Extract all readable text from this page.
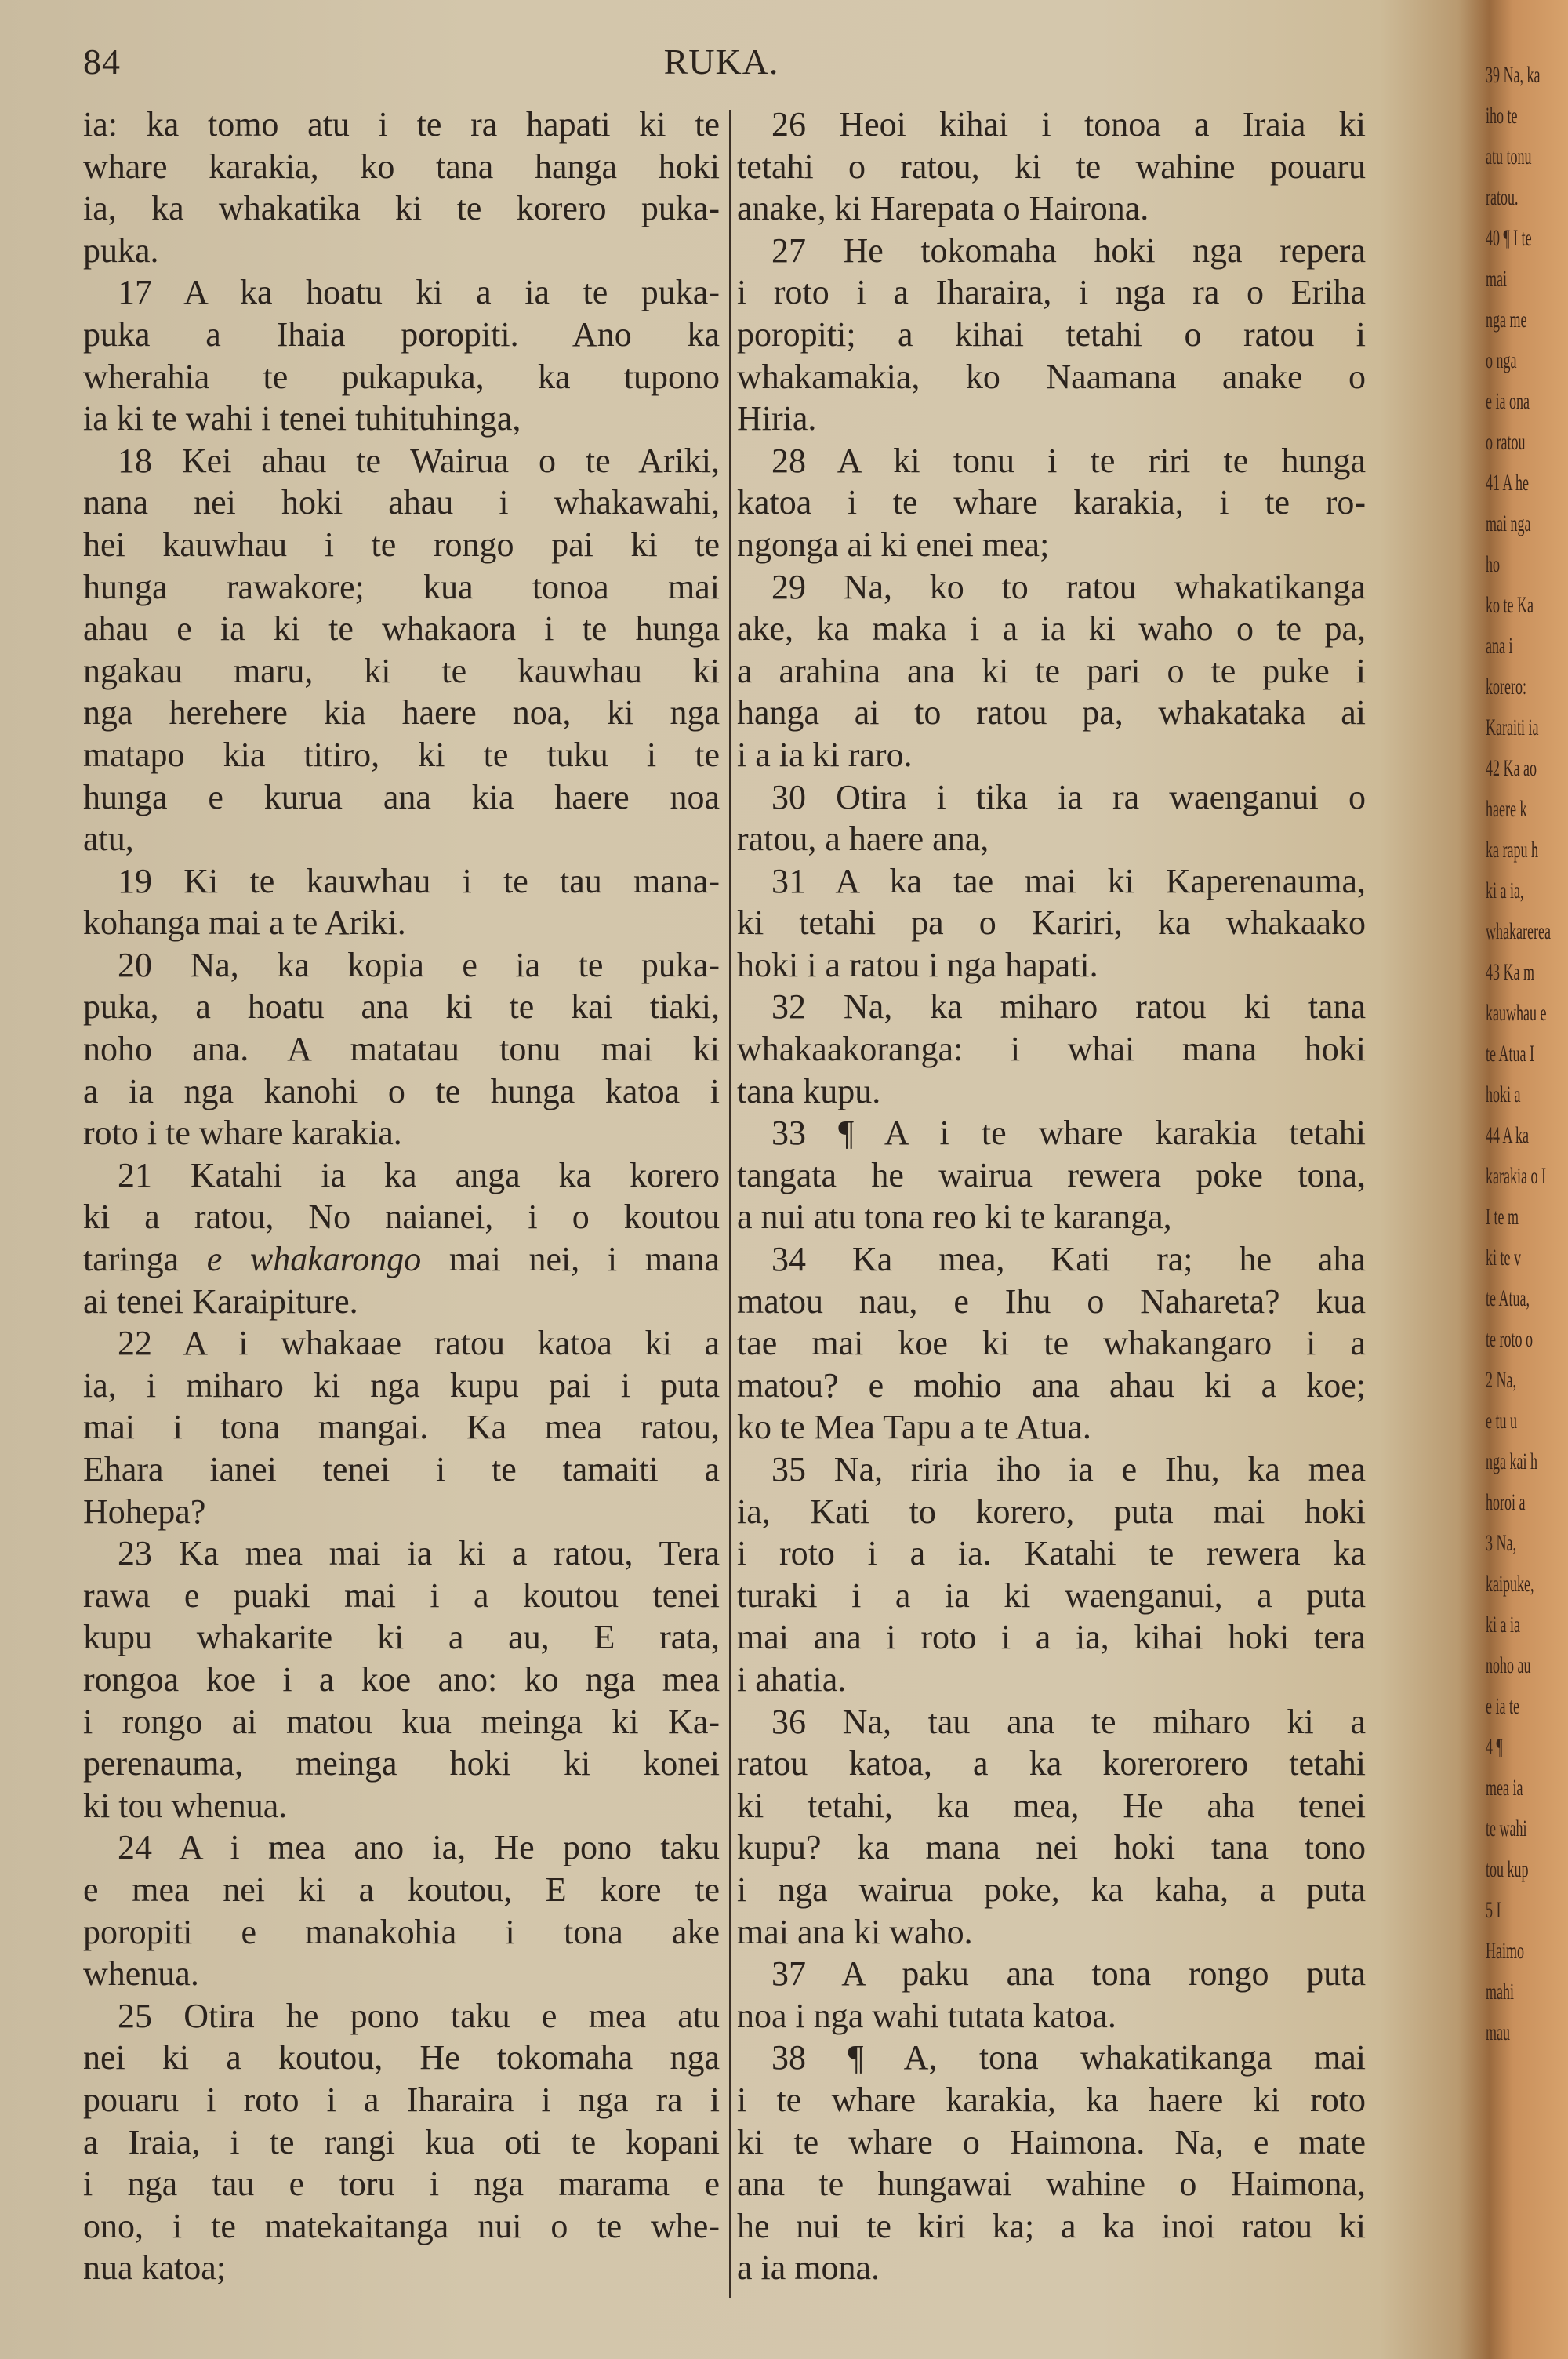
84	RUKA.
ia: ka tomo atu i te ra hapati ki te
whare karakia, ko tana hanga hoki
ia, ka whakatika ki te korero puka-
puka.
17 A ka hoatu ki a ia te puka-
puka a Ihaia poropiti. Ano ka
wherahia te pukapuka, ka tupono
ia ki te wahi i tenei tuhituhinga,
18 Kei ahau te Wairua o te Ariki,
nana nei hoki ahau i whakawahi,
hei kauwhau i te rongo pai ki te
hunga rawakore; kua tonoa mai
ahau e ia ki te whakaora i te hunga
ngakau maru, ki te kauwhau ki
nga herehere kia haere noa, ki nga
matapo kia titiro, ki te tuku i te
hunga e kurua ana kia haere noa
atu,
19 Ki te kauwhau i te tau mana-
kohanga mai a te Ariki.
20 Na, ka kopia e ia te puka-
puka, a hoatu ana ki te kai tiaki,
noho ana. A matatau tonu mai ki
a ia nga kanohi o te hunga katoa i
roto i te whare karakia.
21 Katahi ia ka anga ka korero
ki a ratou, No naianei, i o koutou
taringa e whakarongo mai nei, i mana
ai tenei Karaipiture.
22 A i whakaae ratou katoa ki a
ia, i miharo ki nga kupu pai i puta
mai i tona mangai. Ka mea ratou,
Ehara ianei tenei i te tamaiti a
Hohepa?
23 Ka mea mai ia ki a ratou, Tera
rawa e puaki mai i a koutou tenei
kupu whakarite ki a au, E rata,
rongoa koe i a koe ano: ko nga mea
i rongo ai matou kua meinga ki Ka-
perenauma, meinga hoki ki konei
ki tou whenua.
24 A i mea ano ia, He pono taku
e mea nei ki a koutou, E kore te
poropiti e manakohia i tona ake
whenua.
25 Otira he pono taku e mea atu
nei ki a koutou, He tokomaha nga
pouaru i roto i a Iharaira i nga ra i
a Iraia, i te rangi kua oti te kopani
i nga tau e toru i nga marama e
ono, i te matekaitanga nui o te whe-
nua katoa;
26 Heoi kihai i tonoa a Iraia ki
tetahi o ratou, ki te wahine pouaru
anake, ki Harepata o Hairona.
27 He tokomaha hoki nga repera
i roto i a Iharaira, i nga ra o Eriha
poropiti; a kihai tetahi o ratou i
whakamakia, ko Naamana anake o
Hiria.
28 A ki tonu i te riri te hunga
katoa i te whare karakia, i te ro-
ngonga ai ki enei mea;
29 Na, ko to ratou whakatikanga
ake, ka maka i a ia ki waho o te pa,
a arahina ana ki te pari o te puke i
hanga ai to ratou pa, whakataka ai
i a ia ki raro.
30 Otira i tika ia ra waenganui o
ratou, a haere ana,
31 A ka tae mai ki Kaperenauma,
ki tetahi pa o Kariri, ka whakaako
hoki i a ratou i nga hapati.
32 Na, ka miharo ratou ki tana
whakaakoranga: i whai mana hoki
tana kupu.
33 ¶ A i te whare karakia tetahi
tangata he wairua rewera poke tona,
a nui atu tona reo ki te karanga,
34 Ka mea, Kati ra; he aha
matou nau, e Ihu o Nahareta? kua
tae mai koe ki te whakangaro i a
matou? e mohio ana ahau ki a koe;
ko te Mea Tapu a te Atua.
35 Na, riria iho ia e Ihu, ka mea
ia, Kati to korero, puta mai hoki
i roto i a ia. Katahi te rewera ka
turaki i a ia ki waenganui, a puta
mai ana i roto i a ia, kihai hoki tera
i ahatia.
36 Na, tau ana te miharo ki a
ratou katoa, a ka korerorero tetahi
ki tetahi, ka mea, He aha tenei
kupu? ka mana nei hoki tana tono
i nga wairua poke, ka kaha, a puta
mai ana ki waho.
37 A paku ana tona rongo puta
noa i nga wahi tutata katoa.
38 ¶ A, tona whakatikanga mai
i te whare karakia, ka haere ki roto
ki te whare o Haimona. Na, e mate
ana te hungawai wahine o Haimona,
he nui te kiri ka; a ka inoi ratou ki
a ia mona.
39 Na, ka
iho te
atu tonu
ratou.
40 ¶ I te
mai
nga me
o nga
e ia ona
o ratou
41 A he
mai nga
ho
ko te Ka
ana i
korero:
Karaiti ia
42 Ka ao
haere k
ka rapu h
ki a ia,
whakarerea
43 Ka m
kauwhau e
te Atua I
hoki a
44 A ka
karakia o I
I te m
ki te v
te Atua,
te roto o
2 Na,
e tu u
nga kai h
horoi a
3 Na,
kaipuke,
ki a ia
noho au
e ia te
4 ¶
mea ia
te wahi
tou kup
5 I
Haimo
mahi
mau
